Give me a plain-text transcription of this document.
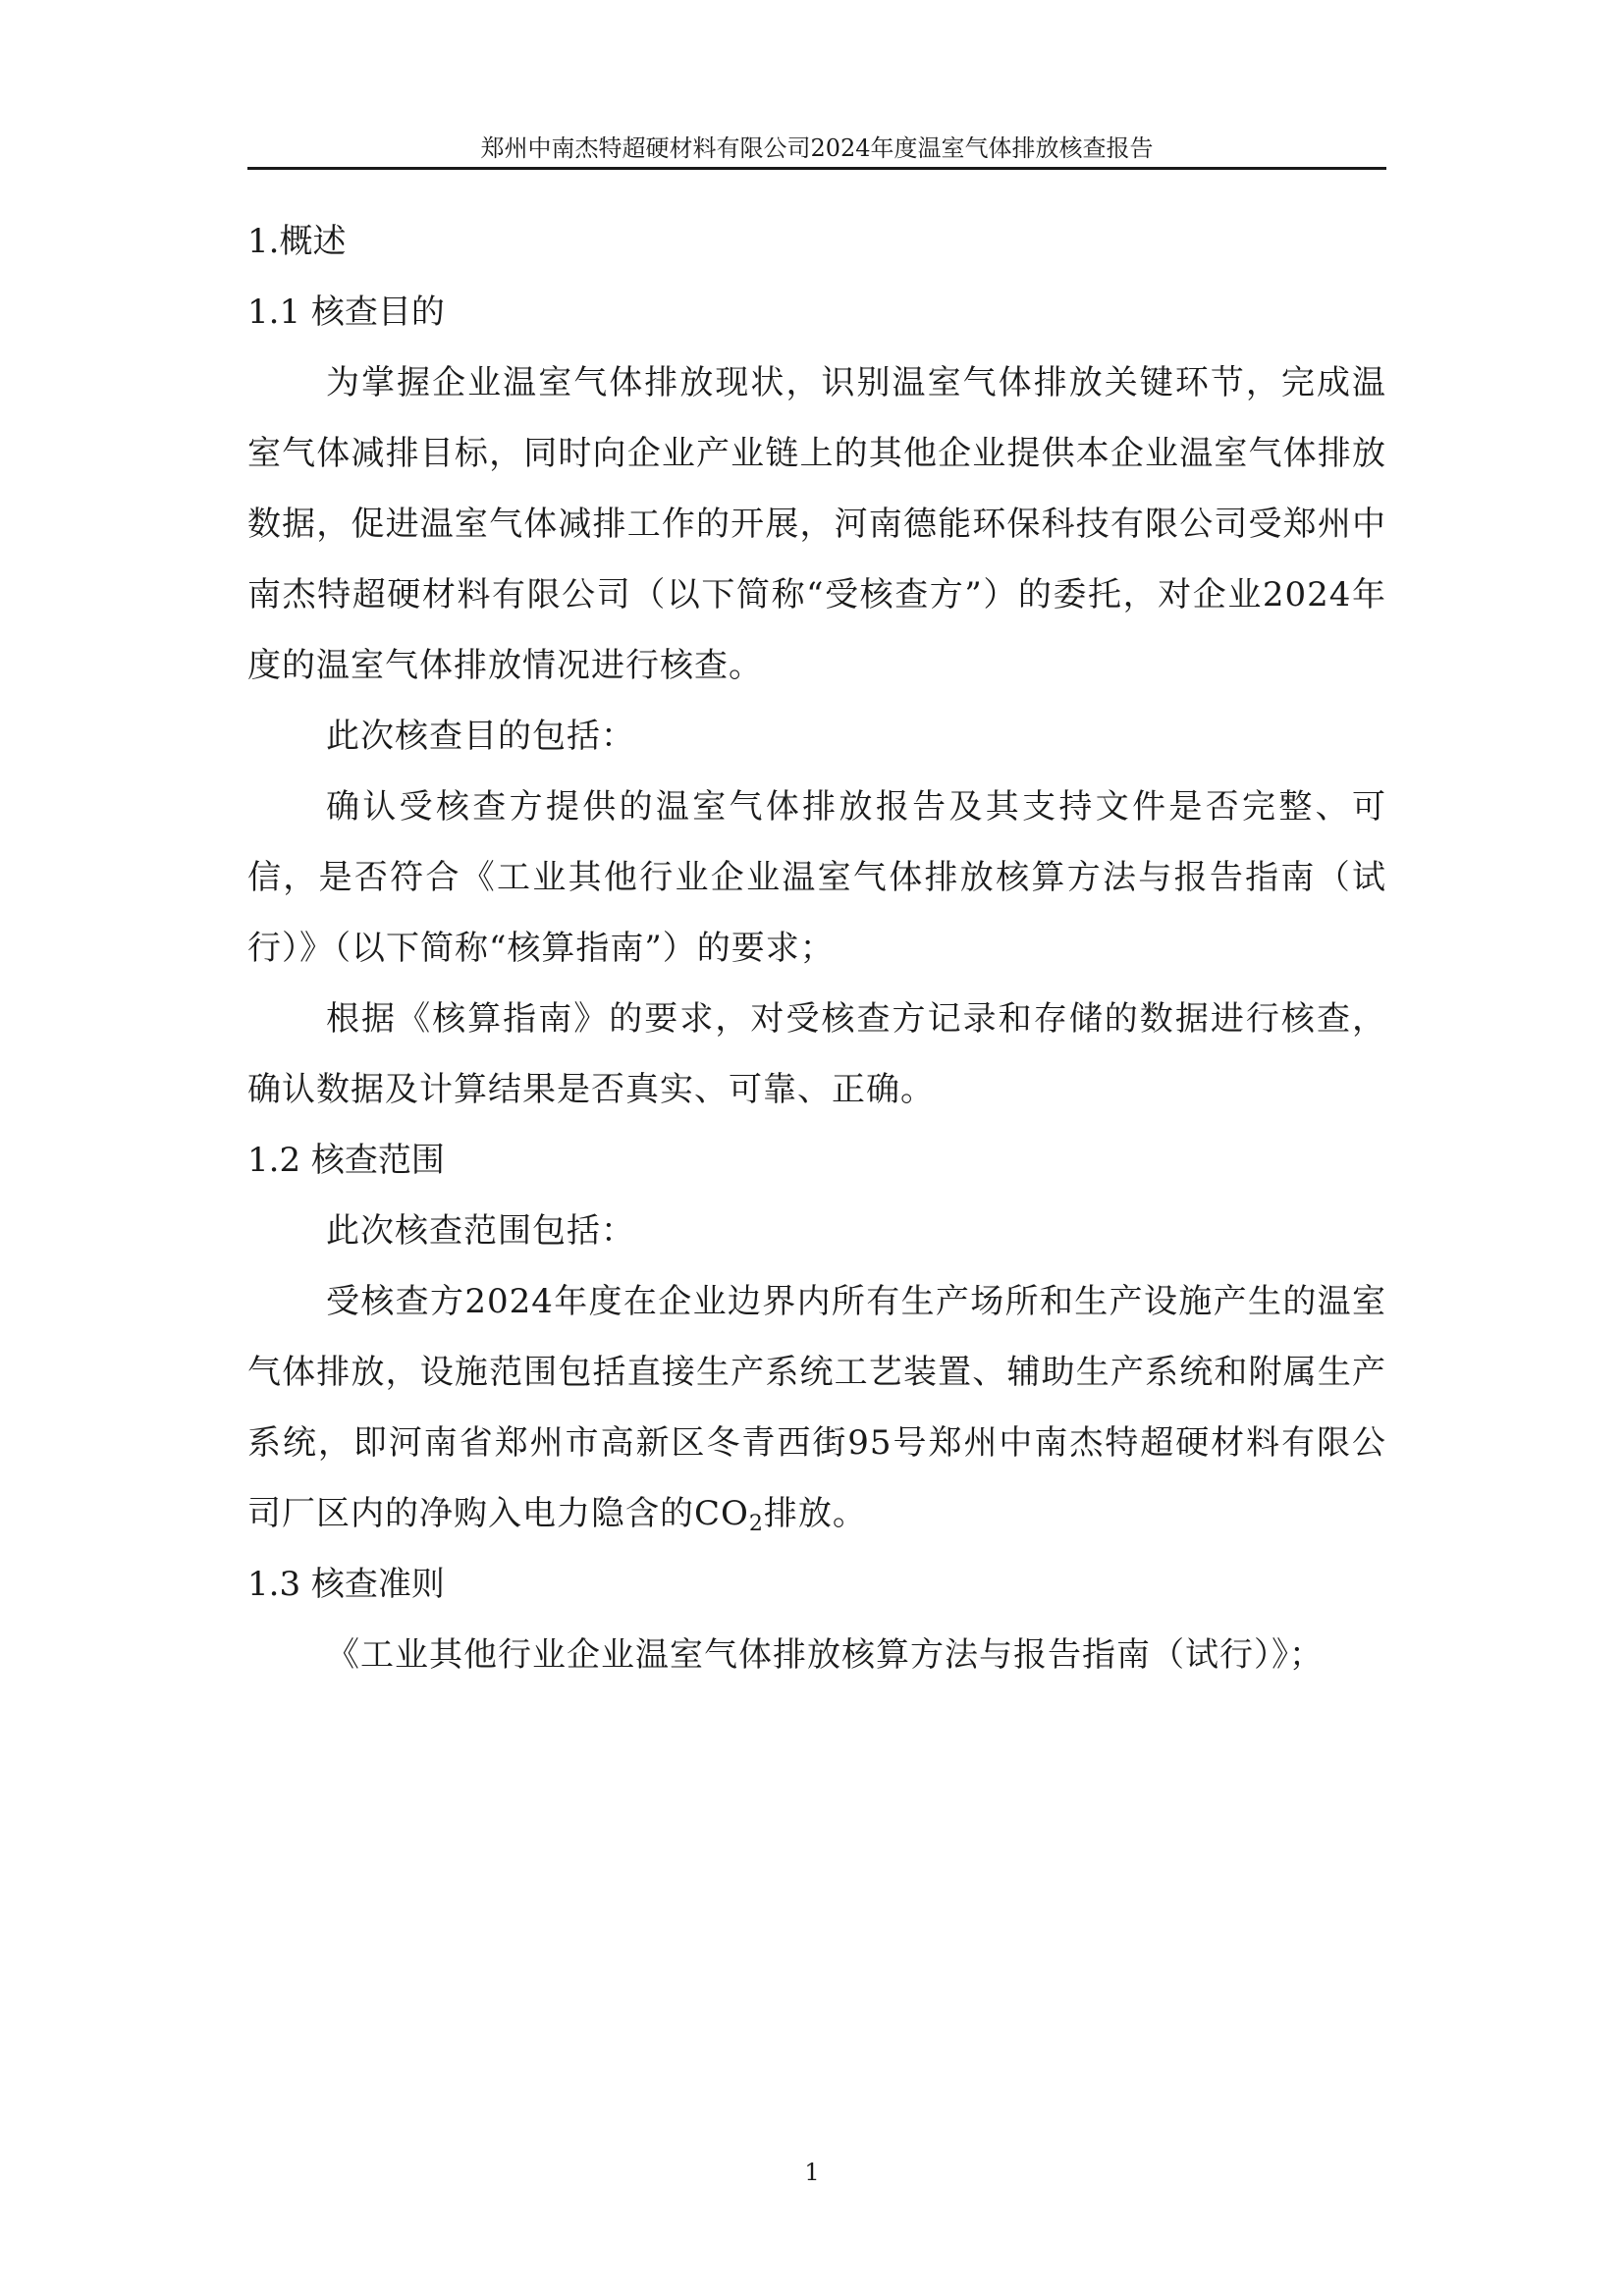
郑州中南杰特超硬材料有限公司2024年度温室气体排放核查报告

1.概述

1.1 核查目的

为掌握企业温室气体排放现状，识别温室气体排放关键环节，完成温室气体减排目标，同时向企业产业链上的其他企业提供本企业温室气体排放数据，促进温室气体减排工作的开展，河南德能环保科技有限公司受郑州中南杰特超硬材料有限公司（以下简称“受核查方”）的委托，对企业2024年度的温室气体排放情况进行核查。

此次核查目的包括：

确认受核查方提供的温室气体排放报告及其支持文件是否完整、可信，是否符合《工业其他行业企业温室气体排放核算方法与报告指南（试行）》（以下简称“核算指南”）的要求；

根据《核算指南》的要求，对受核查方记录和存储的数据进行核查，确认数据及计算结果是否真实、可靠、正确。

1.2 核查范围

此次核查范围包括：

受核查方2024年度在企业边界内所有生产场所和生产设施产生的温室气体排放，设施范围包括直接生产系统工艺装置、辅助生产系统和附属生产系统，即河南省郑州市高新区冬青西街95号郑州中南杰特超硬材料有限公司厂区内的净购入电力隐含的$CO_2$排放。

1.3 核查准则

《工业其他行业企业温室气体排放核算方法与报告指南（试行）》；

1
